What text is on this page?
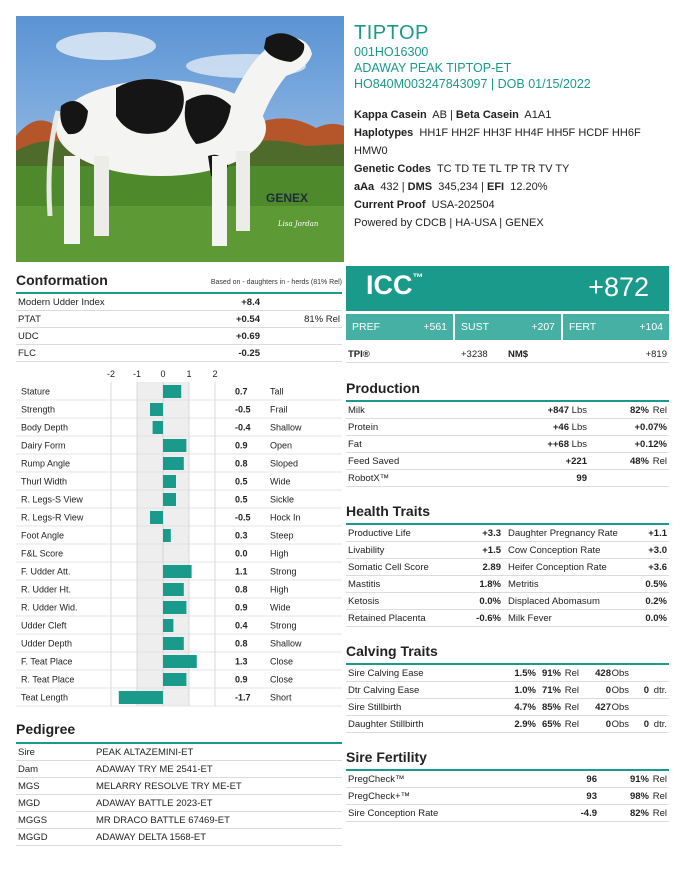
GENEX
Lisa Jordan
TIPTOP
001HO16300
ADAWAY PEAK TIPTOP-ET
HO840M003247843097 | DOB 01/15/2022
Kappa Casein AB | Beta Casein A1A1
Haplotypes HH1F HH2F HH3F HH4F HH5F HCDF HH6F
HMW0
Genetic Codes TC TD TE TL TP TR TV TY
aAa 432 | DMS 345,234 | EFI 12.20%
Current Proof USA-202504
Powered by CDCB | HA-USA | GENEX
Conformation	Based on - daughters in - herds (81% Rel)
Modern Udder Index	+8.4
PTAT	+0.54	81% Rel
UDC	+0.69
FLC	-0.25
-2 -1 0 1 2
Stature	0.7 Tall
Strength	-0.5 Frail
Body Depth	-0.4 Shallow
Dairy Form	0.9 Open
Rump Angle	0.8 Sloped
Thurl Width	0.5 Wide
R. Legs-S View	0.5 Sickle
R. Legs-R View	-0.5 Hock In
Foot Angle	0.3 Steep
F&L Score	0.0 High
F. Udder Att.	1.1 Strong
R. Udder Ht.	0.8 High
R. Udder Wid.	0.9 Wide
Udder Cleft	0.4 Strong
Udder Depth	0.8 Shallow
F. Teat Place	1.3 Close
R. Teat Place	0.9 Close
Teat Length	-1.7 Short
Pedigree
Sire	PEAK ALTAZEMINI-ET
Dam	ADAWAY TRY ME 2541-ET
MGS	MELARRY RESOLVE TRY ME-ET
MGD	ADAWAY BATTLE 2023-ET
MGGS	MR DRACO BATTLE 67469-ET
MGGD	ADAWAY DELTA 1568-ET
ICC™	+872
PREF	+561 SUST	+207 FERT	+104
TPI®	+3238 NM$	+819
Production
Milk	+847 Lbs	82% Rel
Protein	+46 Lbs	+0.07%
Fat	++68 Lbs	+0.12%
Feed Saved	+221	48% Rel
RobotX™	99
Health Traits
Productive Life	+3.3 Daughter Pregnancy Rate	+1.1
Livability	+1.5 Cow Conception Rate	+3.0
Somatic Cell Score	2.89 Heifer Conception Rate	+3.6
Mastitis	1.8% Metritis	0.5%
Ketosis	0.0% Displaced Abomasum	0.2%
Retained Placenta	-0.6% Milk Fever	0.0%
Calving Traits
Sire Calving Ease	1.5% 91% Rel 428 Obs
Dtr Calving Ease	1.0% 71% Rel	0 Obs 0 dtr.
Sire Stillbirth	4.7% 85% Rel 427 Obs
Daughter Stillbirth	2.9% 65% Rel	0 Obs 0 dtr.
Sire Fertility
PregCheck™	96	91% Rel
PregCheck+™	93	98% Rel
Sire Conception Rate	-4.9	82% Rel
